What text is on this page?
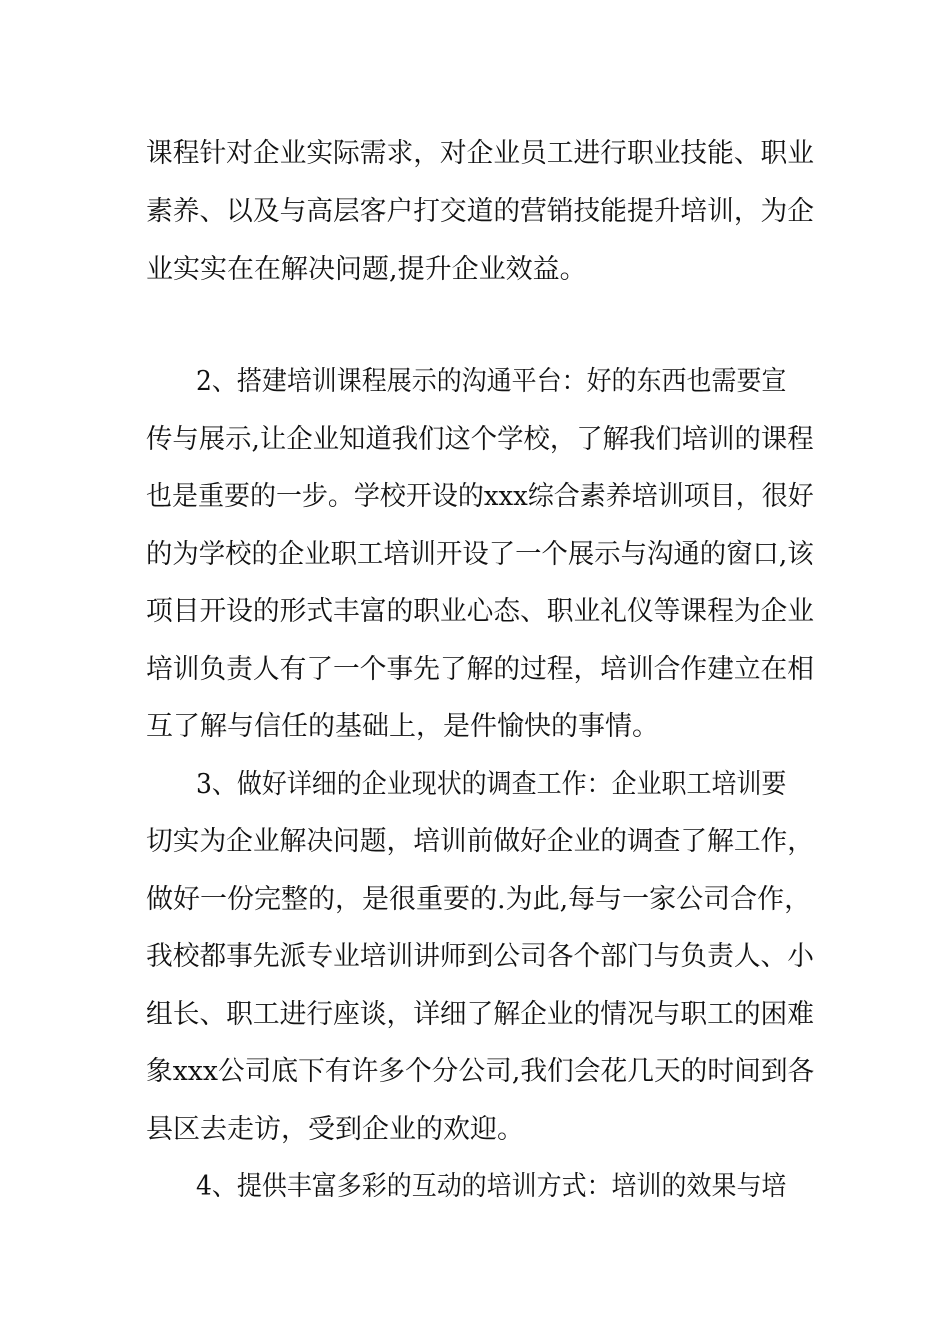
课程针对企业实际需求，对企业员工进行职业技能、职业
素养、以及与高层客户打交道的营销技能提升培训，为企
业实实在在解决问题,提升企业效益。
2、搭建培训课程展示的沟通平台：好的东西也需要宣
传与展示,让企业知道我们这个学校，了解我们培训的课程
也是重要的一步。学校开设的xxx综合素养培训项目，很好
的为学校的企业职工培训开设了一个展示与沟通的窗口,该
项目开设的形式丰富的职业心态、职业礼仪等课程为企业
培训负责人有了一个事先了解的过程，培训合作建立在相
互了解与信任的基础上，是件愉快的事情。
3、做好详细的企业现状的调查工作：企业职工培训要
切实为企业解决问题，培训前做好企业的调查了解工作，
做好一份完整的，是很重要的.为此,每与一家公司合作，
我校都事先派专业培训讲师到公司各个部门与负责人、小
组长、职工进行座谈，详细了解企业的情况与职工的困难
象xxx公司底下有许多个分公司,我们会花几天的时间到各
县区去走访，受到企业的欢迎。
4、提供丰富多彩的互动的培训方式：培训的效果与培
